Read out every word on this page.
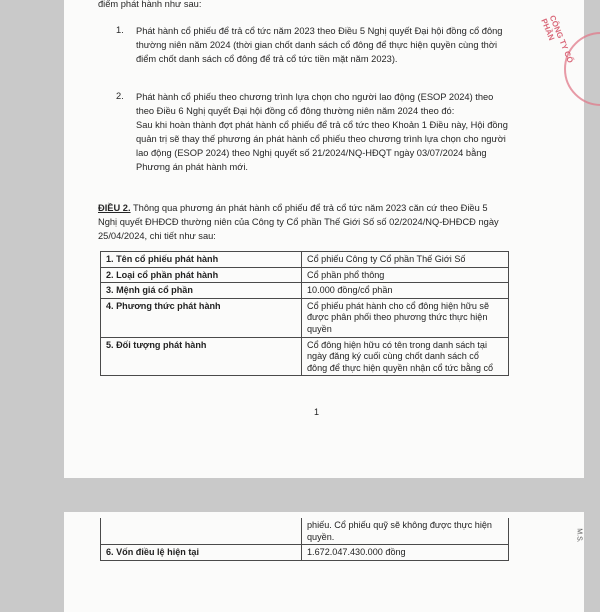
điểm phát hành như sau:
1. Phát hành cổ phiếu để trả cổ tức năm 2023 theo Điều 5 Nghị quyết Đại hội đồng cổ đông
thường niên năm 2024 (thời gian chốt danh sách cổ đông để thực hiện quyền cùng thời
điểm chốt danh sách cổ đông để trả cổ tức tiền mặt năm 2023).
2. Phát hành cổ phiếu theo chương trình lựa chọn cho người lao động (ESOP 2024) theo
theo Điều 6 Nghị quyết Đại hội đồng cổ đông thường niên năm 2024 theo đó:
Sau khi hoàn thành đợt phát hành cổ phiếu để trả cổ tức theo Khoản 1 Điều này, Hội đồng
quản trị sẽ thay thế phương án phát hành cổ phiếu theo chương trình lựa chọn cho người
lao động (ESOP 2024) theo Nghị quyết số 21/2024/NQ-HĐQT ngày 03/07/2024 bằng
Phương án phát hành mới.
ĐIỀU 2. Thông qua phương án phát hành cổ phiếu để trả cổ tức năm 2023 căn cứ theo Điều 5
Nghị quyết ĐHĐCĐ thường niên của Công ty Cổ phần Thế Giới Số số 02/2024/NQ-ĐHĐCĐ ngày
25/04/2024, chi tiết như sau:
1. Tên cổ phiếu phát hành	Cổ phiếu Công ty Cổ phần Thế Giới Số
2. Loại cổ phần phát hành	Cổ phần phổ thông
3. Mệnh giá cổ phần	10.000 đồng/cổ phần
4. Phương thức phát hành	Cổ phiếu phát hành cho cổ đông hiện hữu sẽ
được phân phối theo phương thức thực hiện
quyền

5. Đối tượng phát hành	Cổ đông hiện hữu có tên trong danh sách tại
ngày đăng ký cuối cùng chốt danh sách cổ
đông để thực hiện quyền nhận cổ tức bằng cổ
1
CÔNG TY CỔ PHẦN

	phiếu. Cổ phiếu quỹ sẽ không được thực hiện
quyền.

6. Vốn điều lệ hiện tại	1.672.047.430.000 đồng
M.S.
